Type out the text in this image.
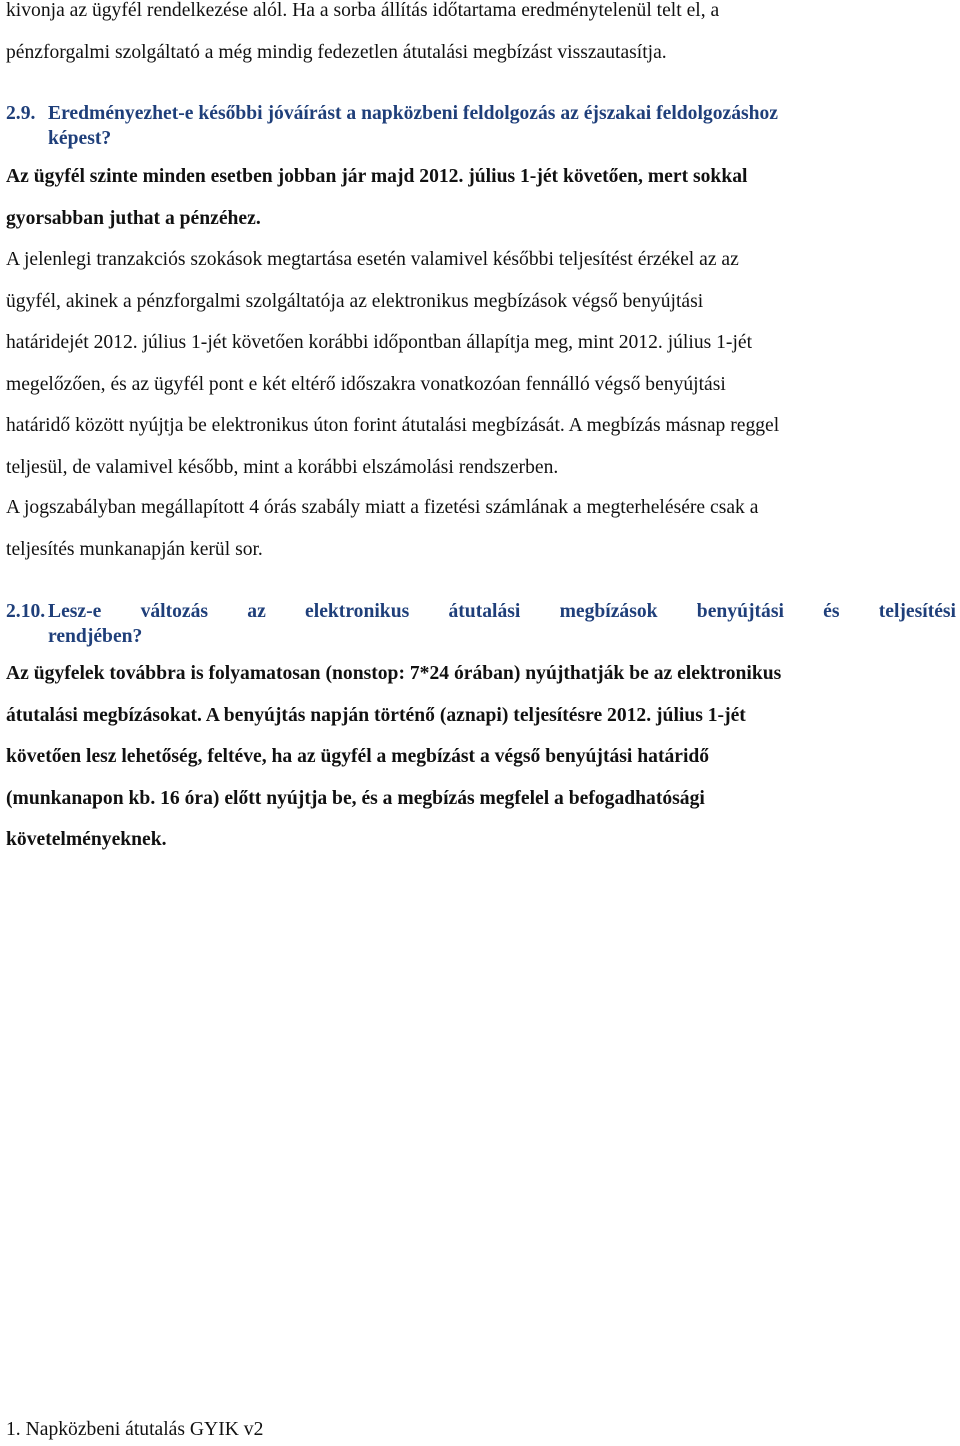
kivonja az ügyfél rendelkezése alól. Ha a sorba állítás időtartama eredménytelenül telt el, a

pénzforgalmi szolgáltató a még mindig fedezetlen átutalási megbízást visszautasítja.

2.9. Eredményezhet-e későbbi jóváírást a napközbeni feldolgozás az éjszakai feldolgozáshoz
képest?

Az ügyfél szinte minden esetben jobban jár majd 2012. július 1-jét követően, mert sokkal

gyorsabban juthat a pénzéhez.

A jelenlegi tranzakciós szokások megtartása esetén valamivel későbbi teljesítést érzékel az az

ügyfél, akinek a pénzforgalmi szolgáltatója az elektronikus megbízások végső benyújtási

határidejét 2012. július 1-jét követően korábbi időpontban állapítja meg, mint 2012. július 1-jét

megelőzően, és az ügyfél pont e két eltérő időszakra vonatkozóan fennálló végső benyújtási

határidő között nyújtja be elektronikus úton forint átutalási megbízását. A megbízás másnap reggel

teljesül, de valamivel később, mint a korábbi elszámolási rendszerben.

A jogszabályban megállapított 4 órás szabály miatt a fizetési számlának a megterhelésére csak a

teljesítés munkanapján kerül sor.

2.10. Lesz-e változás az elektronikus átutalási megbízások benyújtási és teljesítési
rendjében?

Az ügyfelek továbbra is folyamatosan (nonstop: 7*24 órában) nyújthatják be az elektronikus

átutalási megbízásokat. A benyújtás napján történő (aznapi) teljesítésre 2012. július 1-jét

követően lesz lehetőség, feltéve, ha az ügyfél a megbízást a végső benyújtási határidő

(munkanapon kb. 16 óra) előtt nyújtja be, és a megbízás megfelel a befogadhatósági

követelményeknek.

1. Napközbeni átutalás GYIK v2
